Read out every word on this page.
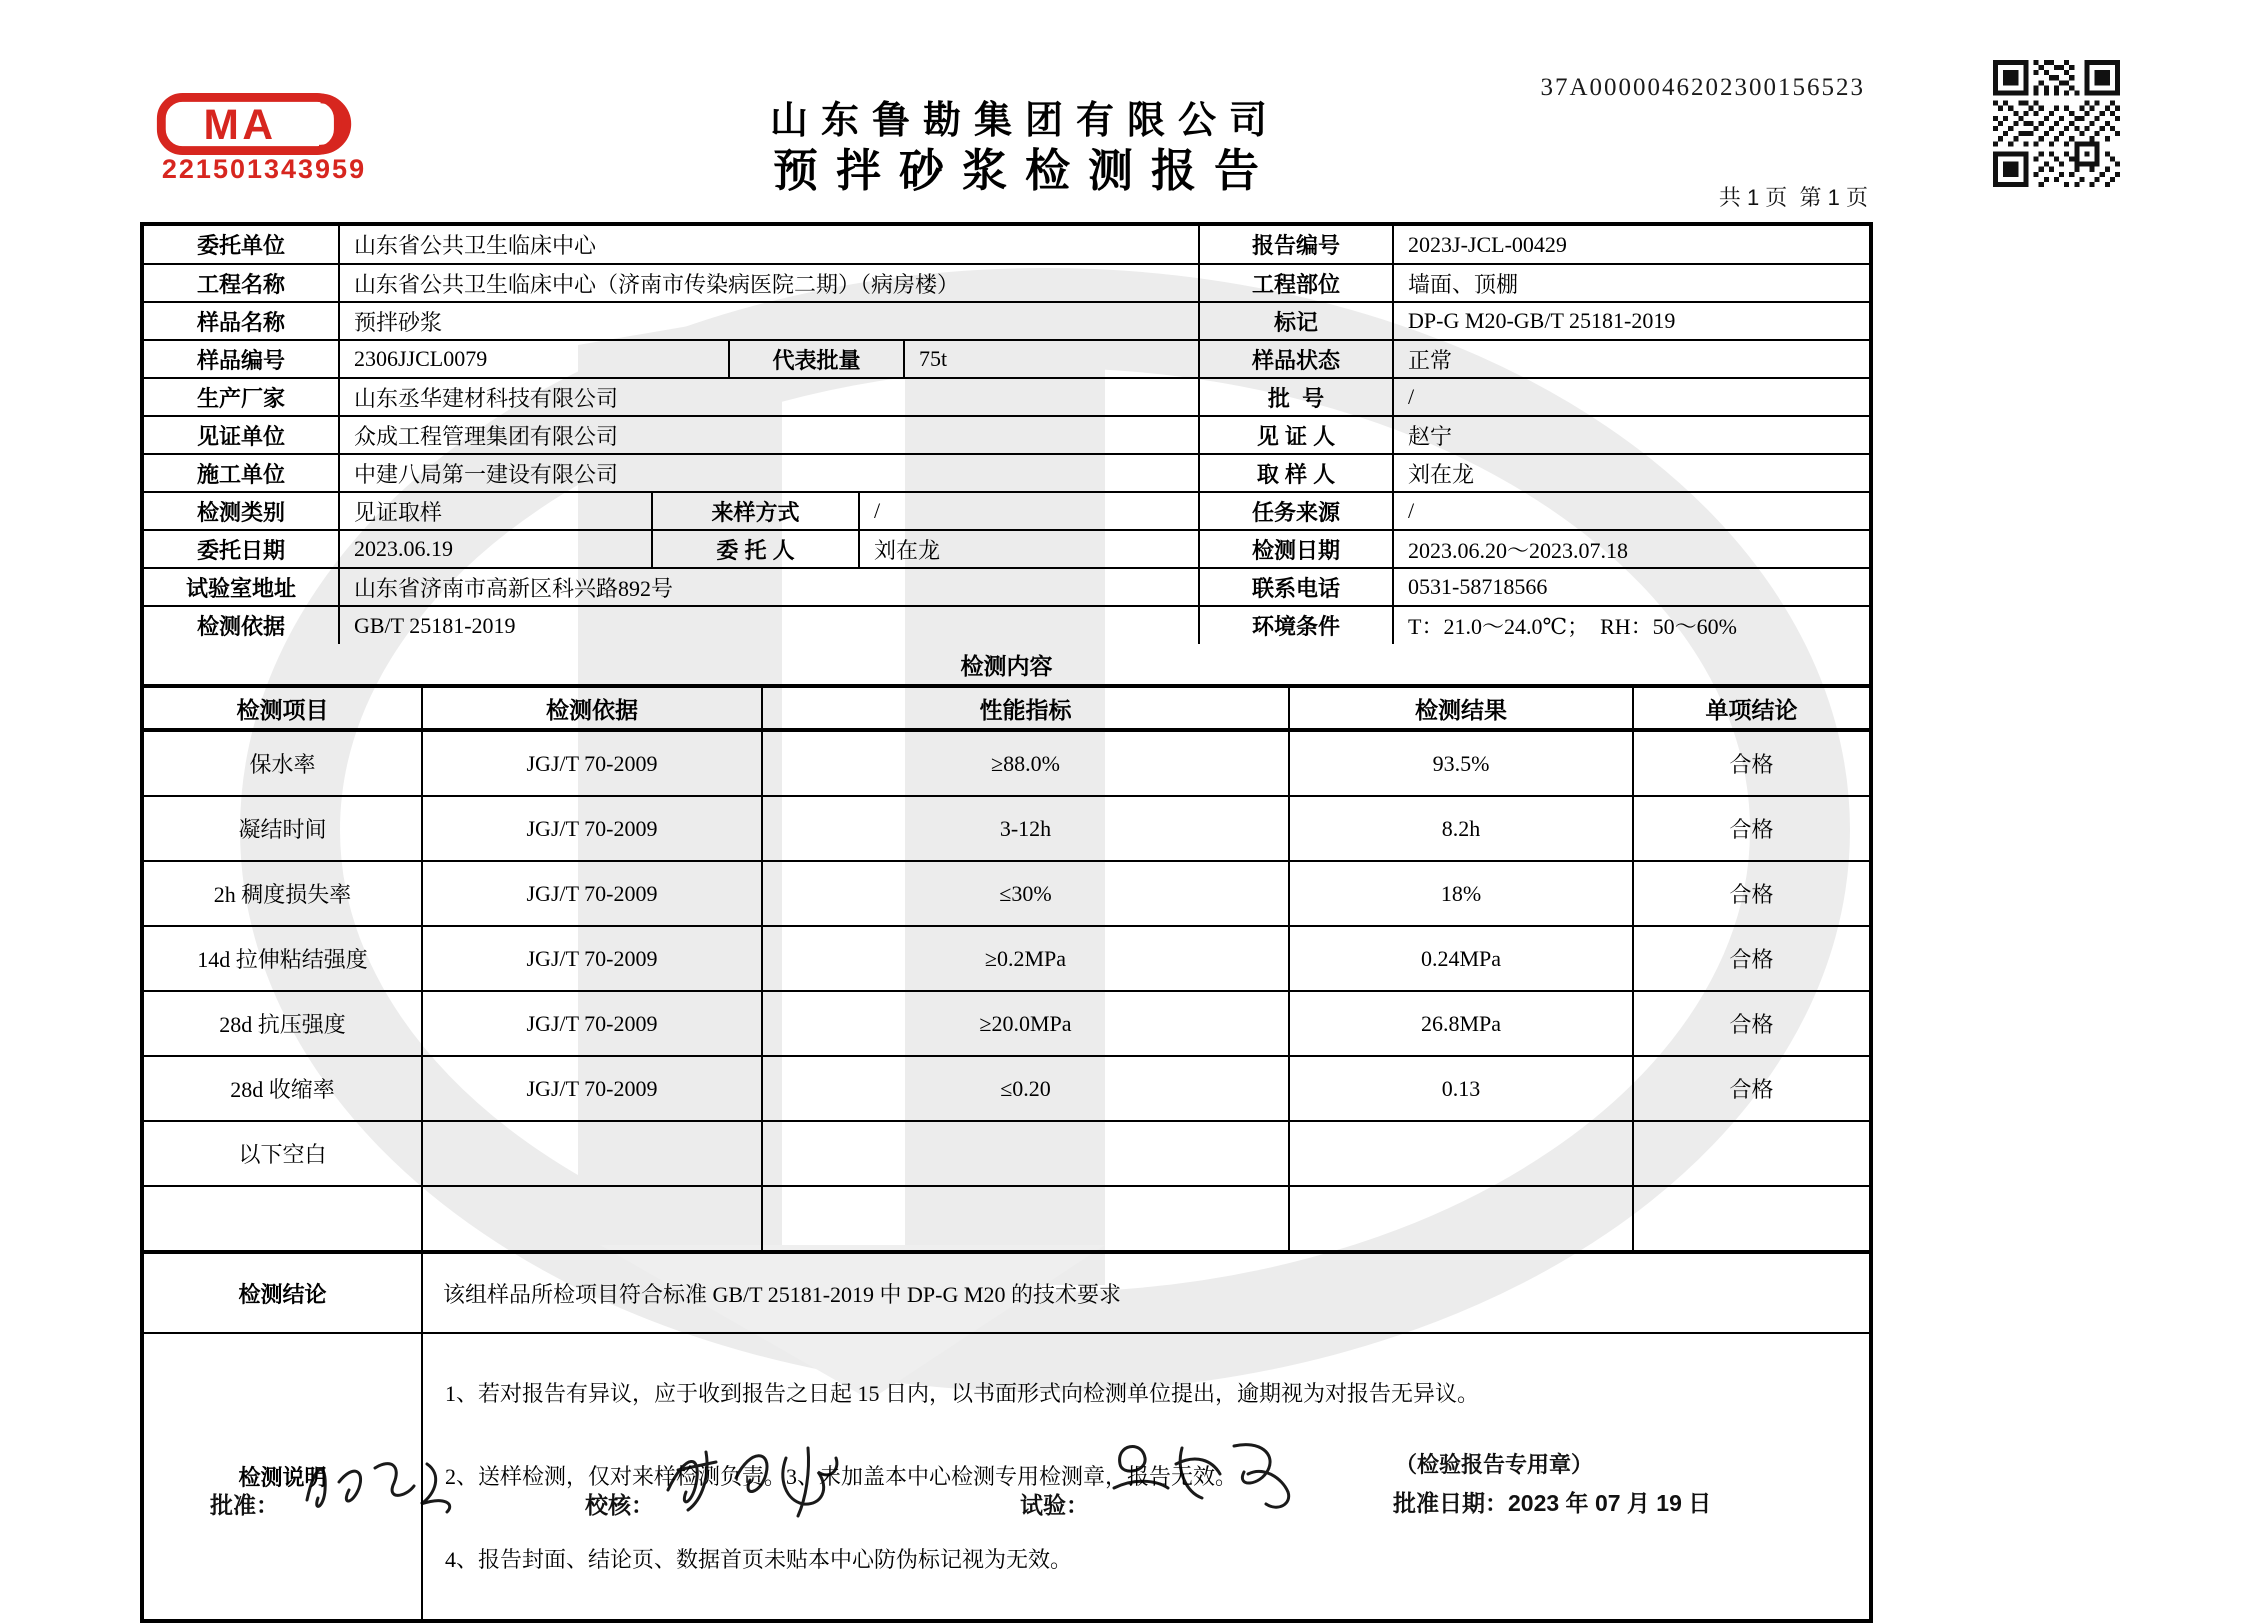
MA
221501343959
山东鲁勘集团有限公司
预拌砂浆检测报告
37A0000046202300156523
共 1 页  第 1 页
委托单位	山东省公共卫生临床中心					报告编号	2023J-JCL-00429
工程名称	山东省公共卫生临床中心（济南市传染病医院二期）（病房楼）					工程部位	墙面、顶棚
样品名称	预拌砂浆					标记	DP-G M20-GB/T 25181-2019
样品编号	2306JJCL0079		代表批量		75t	样品状态	正常
生产厂家	山东丞华建材科技有限公司					批  号	/
见证单位	众成工程管理集团有限公司					见 证 人	赵宁
施工单位	中建八局第一建设有限公司					取 样 人	刘在龙
检测类别	见证取样	来样方式		/		任务来源	/
委托日期	2023.06.19	委 托 人		刘在龙		检测日期	2023.06.20～2023.07.18
试验室地址	山东省济南市高新区科兴路892号					联系电话	0531-58718566
检测依据	GB/T 25181-2019					环境条件	T：21.0～24.0℃；  RH：50～60%
检测内容				
检测项目	检测依据	性能指标	检测结果	单项结论
保水率	JGJ/T 70-2009	≥88.0%	93.5%	合格
凝结时间	JGJ/T 70-2009	3-12h	8.2h	合格
2h 稠度损失率	JGJ/T 70-2009	≤30%	18%	合格
14d 拉伸粘结强度	JGJ/T 70-2009	≥0.2MPa	0.24MPa	合格
28d 抗压强度	JGJ/T 70-2009	≥20.0MPa	26.8MPa	合格
28d 收缩率	JGJ/T 70-2009	≤0.20	0.13	合格
以下空白				

检测结论	该组样品所检项目符合标准 GB/T 25181-2019 中 DP-G M20 的技术要求			
检测说明	1、若对报告有异议，应于收到报告之日起 15 日内，以书面形式向检测单位提出，逾期视为对报告无异议。

2、送样检测，仅对来样检测负责。3、未加盖本中心检测专用检测章，报告无效。

4、报告封面、结论页、数据首页未贴本中心防伪标记视为无效。			

批准：	校核：	试验：
（检验报告专用章）
批准日期：2023 年 07 月 19 日
